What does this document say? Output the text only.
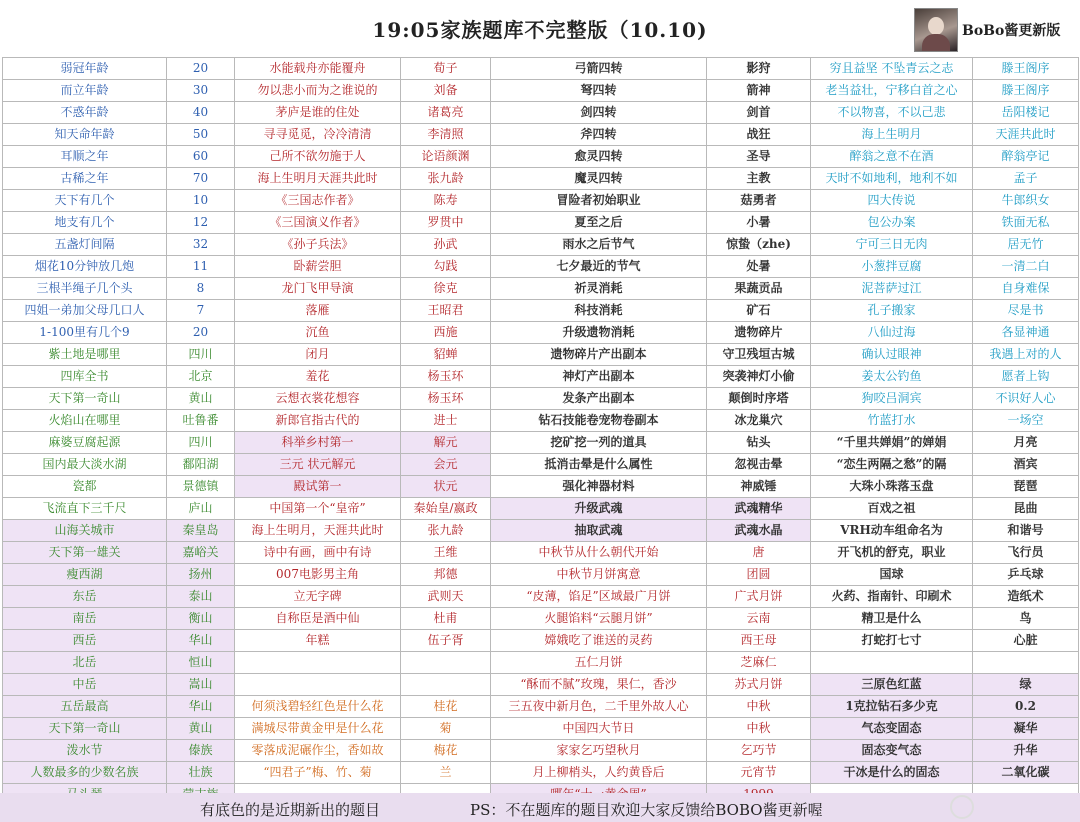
19:05家族题库不完整版（10.10)	BoBo酱更新版
弱冠年龄	20	水能载舟亦能覆舟	荀子	弓箭四转	影狩	穷且益坚 不坠青云之志	滕王阁序
而立年龄	30	勿以悲小而为之谁说的	刘备	弩四转	箭神	老当益壮，宁移白首之心	滕王阁序
不惑年龄	40	茅庐是谁的住处	诸葛亮	剑四转	剑首	不以物喜，不以己悲	岳阳楼记
知天命年龄	50	寻寻觅觅，冷冷清清	李清照	斧四转	战狂	海上生明月	天涯共此时
耳顺之年	60	己所不欲勿施于人	论语颜渊	愈灵四转	圣导	醉翁之意不在酒	醉翁亭记
古稀之年	70	海上生明月天涯共此时	张九龄	魔灵四转	主教	天时不如地利，地利不如	孟子
天下有几个	10	《三国志作者》	陈寿	冒险者初始职业	菇勇者	四大传说	牛郎织女
地支有几个	12	《三国演义作者》	罗贯中	夏至之后	小暑	包公办案	铁面无私
五盏灯间隔	32	《孙子兵法》	孙武	雨水之后节气	惊蛰（zhe)	宁可三日无肉	居无竹
烟花10分钟放几炮	11	卧薪尝胆	勾践	七夕最近的节气	处暑	小葱拌豆腐	一清二白
三根半绳子几个头	8	龙门飞甲导演	徐克	祈灵消耗	果蔬贡品	泥菩萨过江	自身难保
四姐一弟加父母几口人	7	落雁	王昭君	科技消耗	矿石	孔子搬家	尽是书
1-100里有几个9	20	沉鱼	西施	升级遗物消耗	遗物碎片	八仙过海	各显神通
紫土地是哪里	四川	闭月	貂蝉	遗物碎片产出副本	守卫残垣古城	确认过眼神	我遇上对的人
四库全书	北京	羞花	杨玉环	神灯产出副本	突袭神灯小偷	姜太公钓鱼	愿者上钩
天下第一奇山	黄山	云想衣裳花想容	杨玉环	发条产出副本	颠倒时序塔	狗咬吕洞宾	不识好人心
火焰山在哪里	吐鲁番	新郎官指古代的	进士	钻石技能卷宠物卷副本	冰龙巢穴	竹蓝打水	一场空
麻婆豆腐起源	四川	科举乡村第一	解元	挖矿挖一列的道具	钻头	“千里共婵娟”的婵娟	月亮
国内最大淡水湖	鄱阳湖	三元 状元解元	会元	抵消击晕是什么属性	忽视击晕	“恋生两隔之愁”的隔	酒宾
瓷都	景德镇	殿试第一	状元	强化神器材料	神威锤	大珠小珠落玉盘	琵琶
飞流直下三千尺	庐山	中国第一个“皇帝”	秦始皇/嬴政	升级武魂	武魂精华	百戏之祖	昆曲
山海关城市	秦皇岛	海上生明月，天涯共此时	张九龄	抽取武魂	武魂水晶	VRH动车组命名为	和谐号
天下第一雄关	嘉峪关	诗中有画，画中有诗	王维	中秋节从什么朝代开始	唐	开飞机的舒克，职业	飞行员
瘦西湖	扬州	007电影男主角	邦德	中秋节月饼寓意	团圆	国球	乒乓球
东岳	泰山	立无字碑	武则天	“皮薄，馅足”区域最广月饼	广式月饼	火药、指南针、印刷术	造纸术
南岳	衡山	自称臣是酒中仙	杜甫	火腿馅料“云腿月饼”	云南	精卫是什么	鸟
西岳	华山	年糕	伍子胥	嫦娥吃了谁送的灵药	西王母	打蛇打七寸	心脏
北岳	恒山			五仁月饼	芝麻仁		
中岳	嵩山			“酥而不腻”玫瑰，果仁，香沙	苏式月饼	三原色红蓝	绿
五岳最高	华山	何须浅碧轻红色是什么花	桂花	三五夜中新月色，二千里外故人心	中秋	1克拉钻石多少克	0.2
天下第一奇山	黄山	满城尽带黄金甲是什么花	菊	中国四大节日	中秋	气态变固态	凝华
泼水节	傣族	零落成泥碾作尘，香如故	梅花	家家乞巧望秋月	乞巧节	固态变气态	升华
人数最多的少数名族	壮族	“四君子”梅、竹、菊	兰	月上柳梢头，人约黄昏后	元宵节	干冰是什么的固态	二氧化碳

有底色的是近期新出的题目	PS：不在题库的题目欢迎大家反馈给BOBO酱更新喔
